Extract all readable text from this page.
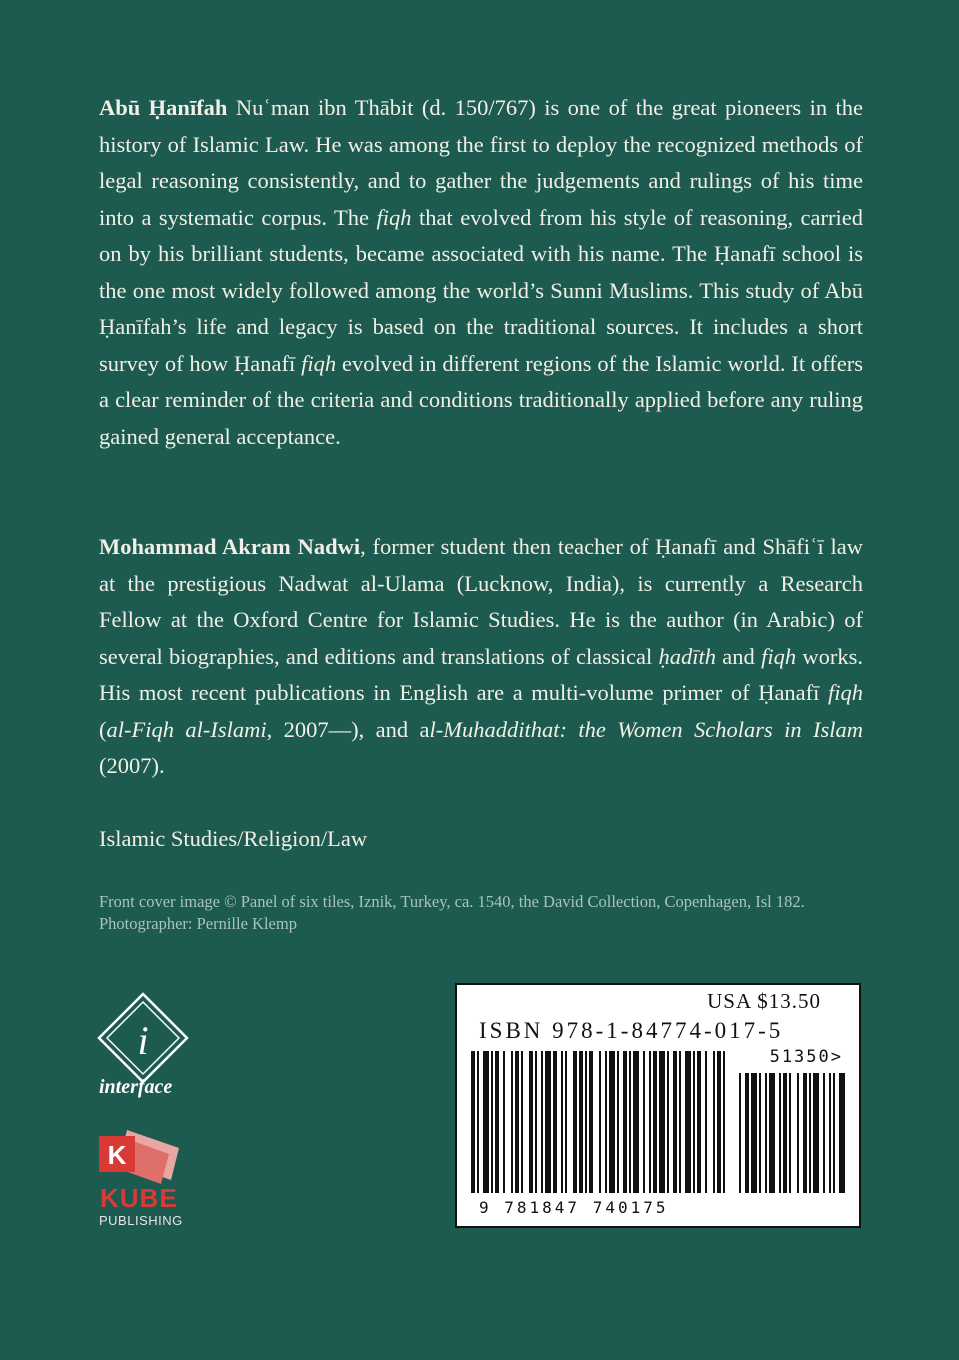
Abū Ḥanīfah Nuʿman ibn Thābit (d. 150/767) is one of the great pioneers in the history of Islamic Law. He was among the first to deploy the recognized methods of legal reasoning consistently, and to gather the judgements and rulings of his time into a systematic corpus. The fiqh that evolved from his style of reasoning, carried on by his brilliant students, became associated with his name. The Ḥanafī school is the one most widely followed among the world’s Sunni Muslims. This study of Abū Ḥanīfah’s life and legacy is based on the traditional sources. It includes a short survey of how Ḥanafī fiqh evolved in different regions of the Islamic world. It offers a clear reminder of the criteria and conditions traditionally applied before any ruling gained general acceptance.

Mohammad Akram Nadwi, former student then teacher of Ḥanafī and Shāfiʿī law at the prestigious Nadwat al-Ulama (Lucknow, India), is currently a Research Fellow at the Oxford Centre for Islamic Studies. He is the author (in Arabic) of several biographies, and editions and translations of classical ḥadīth and fiqh works. His most recent publications in English are a multi-volume primer of Ḥanafī fiqh (al-Fiqh al-Islami, 2007—), and al-Muhaddithat: the Women Scholars in Islam (2007).

Islamic Studies/Religion/Law
Front cover image © Panel of six tiles, Iznik, Turkey, ca. 1540, the David Collection, Copenhagen, Isl 182.
Photographer: Pernille Klemp
i
interface
K
KUBE
PUBLISHING
USA $13.50
ISBN 978-1-84774-017-5
51350>
9 781847 740175
